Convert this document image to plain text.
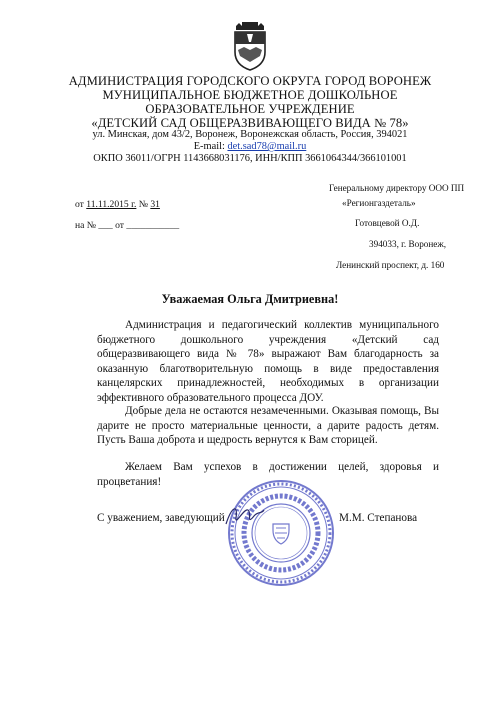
АДМИНИСТРАЦИЯ ГОРОДСКОГО ОКРУГА ГОРОД ВОРОНЕЖ
МУНИЦИПАЛЬНОЕ БЮДЖЕТНОЕ ДОШКОЛЬНОЕ
ОБРАЗОВАТЕЛЬНОЕ УЧРЕЖДЕНИЕ
«ДЕТСКИЙ САД ОБЩЕРАЗВИВАЮЩЕГО ВИДА № 78»
ул. Минская, дом 43/2, Воронеж, Воронежская область, Россия, 394021
E-mail: det.sad78@mail.ru
ОКПО 36011/ОГРН 1143668031176, ИНН/КПП 3661064344/366101001
от 11.11.2015 г. № 31
на № ___ от ___________
Генеральному директору ООО ПП
«Регионгаздеталь»
Готовцевой О.Д.
394033, г. Воронеж,
Ленинский проспект, д. 160
Уважаемая Ольга Дмитриевна!
Администрация и педагогический коллектив муниципального бюджетного дошкольного учреждения «Детский сад общеразвивающего вида № 78» выражают Вам благодарность за оказанную благотворительную помощь в виде предоставления канцелярских принадлежностей, необходимых в организации эффективного образовательного процесса ДОУ.
Добрые дела не остаются незамеченными. Оказывая помощь, Вы дарите не просто материальные ценности, а дарите радость детям. Пусть Ваша доброта и щедрость вернутся к Вам сторицей.
Желаем Вам успехов в достижении целей, здоровья и процветания!
С уважением, заведующий	М.М. Степанова
